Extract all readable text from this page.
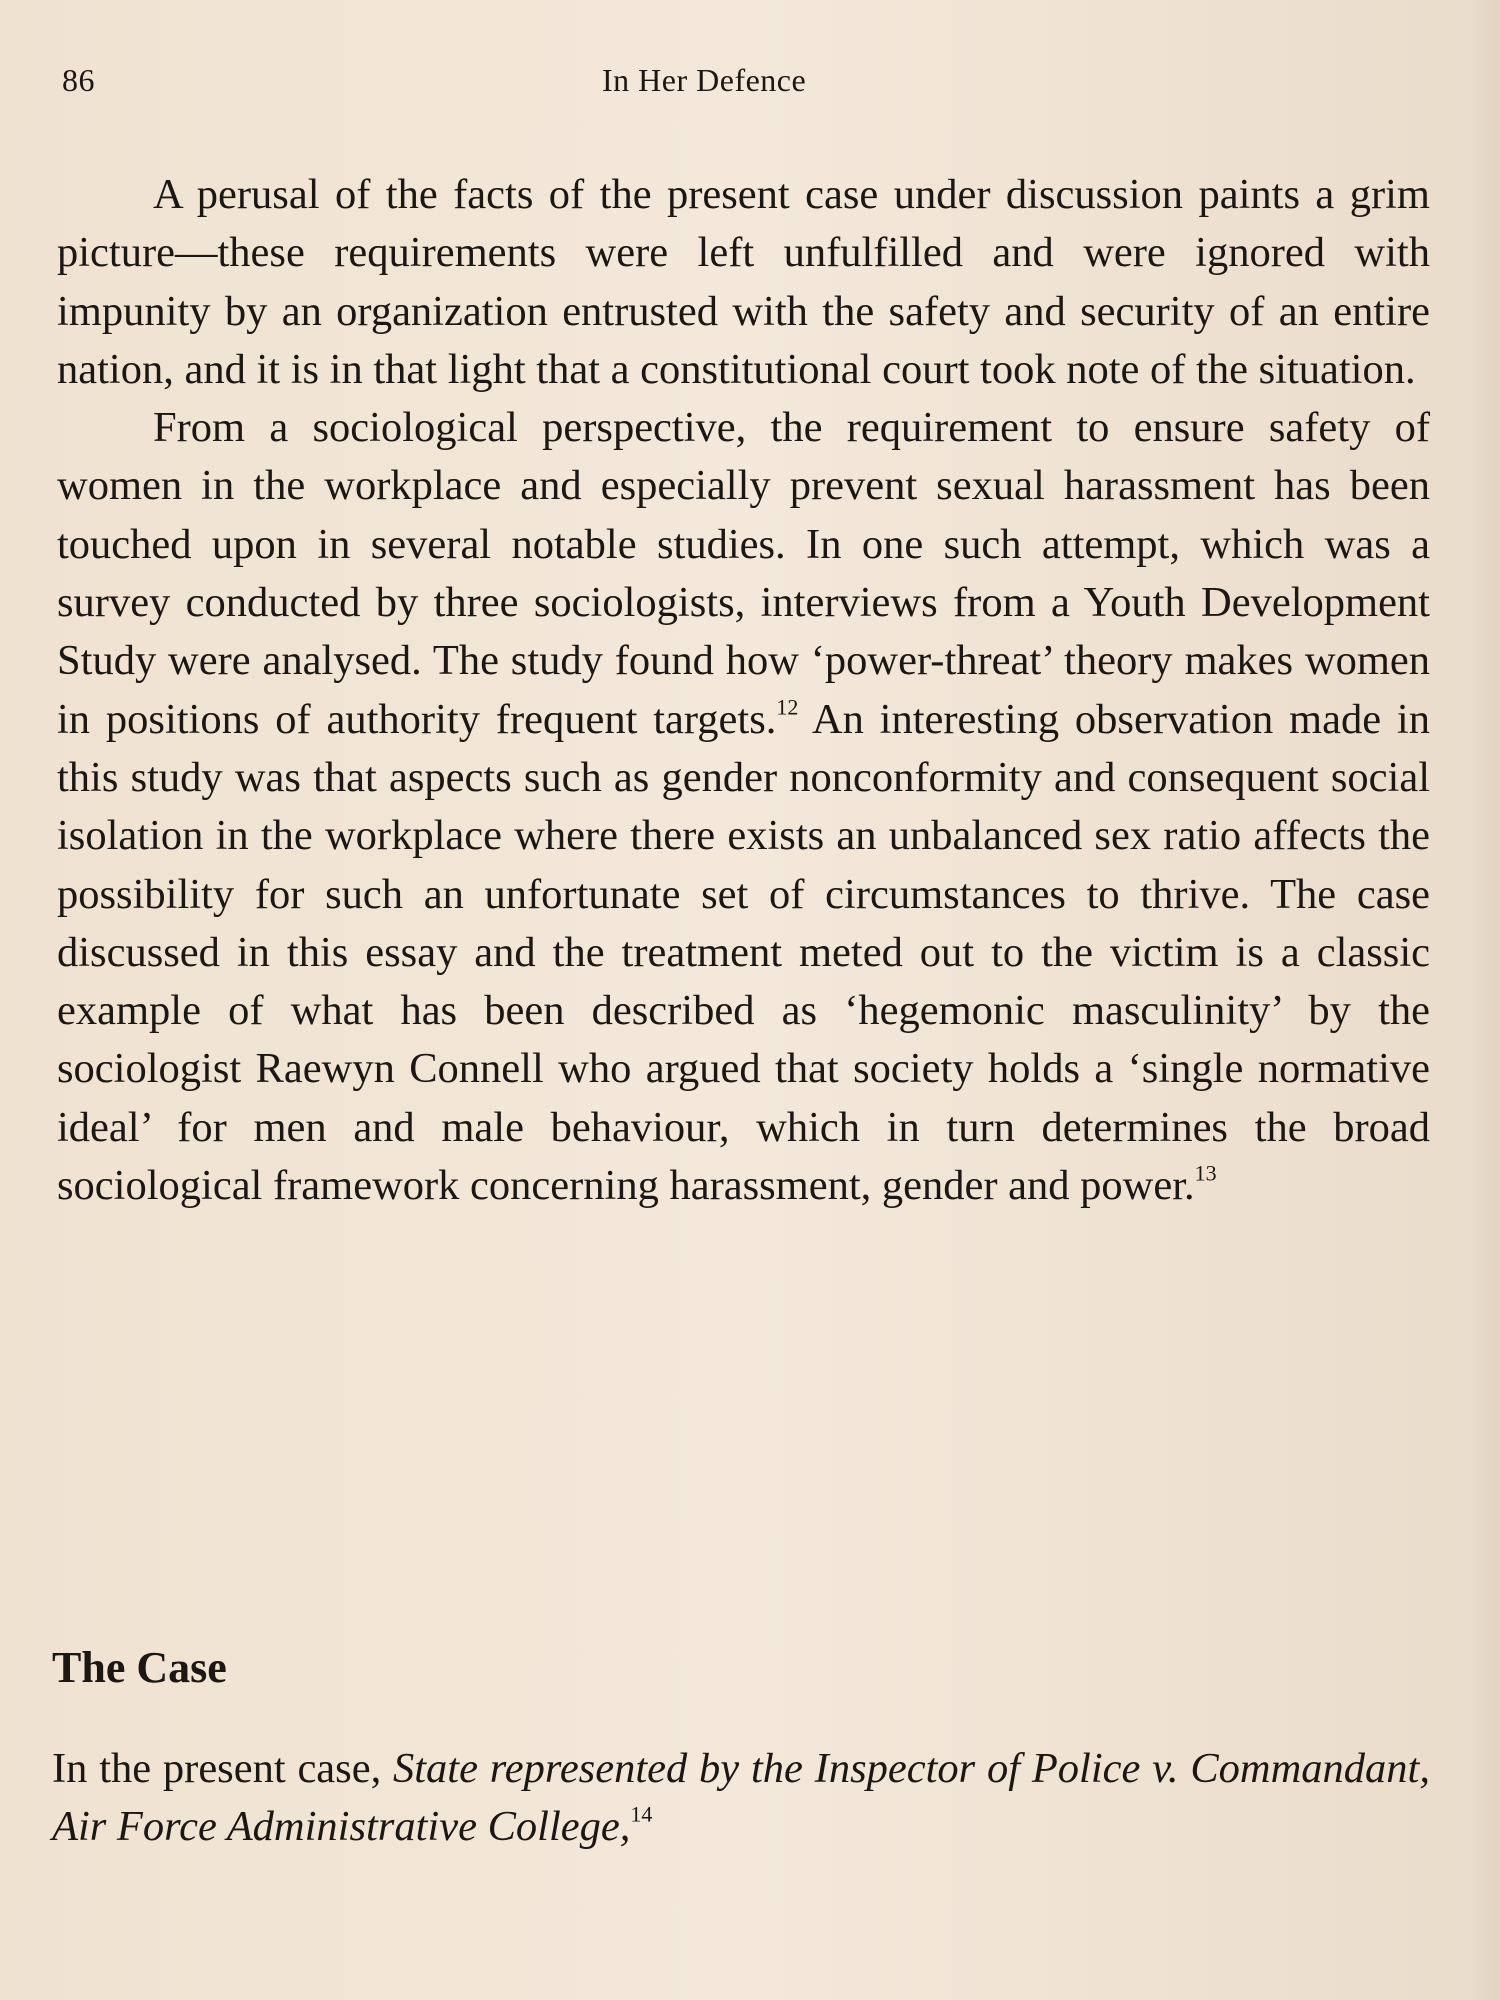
86	In Her Defence

A perusal of the facts of the present case under discussion paints a grim picture—these requirements were left unfulfilled and were ignored with impunity by an organization entrusted with the safety and security of an entire nation, and it is in that light that a constitutional court took note of the situation.

From a sociological perspective, the requirement to ensure safety of women in the workplace and especially prevent sexual harassment has been touched upon in several notable studies. In one such attempt, which was a survey conducted by three sociologists, interviews from a Youth Development Study were analysed. The study found how ‘power-threat’ theory makes women in positions of authority frequent targets.$^{12}$ An interesting observation made in this study was that aspects such as gender nonconformity and consequent social isolation in the workplace where there exists an unbalanced sex ratio affects the possibility for such an unfortunate set of circumstances to thrive. The case discussed in this essay and the treatment meted out to the victim is a classic example of what has been described as ‘hegemonic masculinity’ by the sociologist Raewyn Connell who argued that society holds a ‘single normative ideal’ for men and male behaviour, which in turn determines the broad sociological framework concerning harassment, gender and power.$^{13}$

The Case

In the present case, State represented by the Inspector of Police v. Commandant, Air Force Administrative College,$^{14}$
